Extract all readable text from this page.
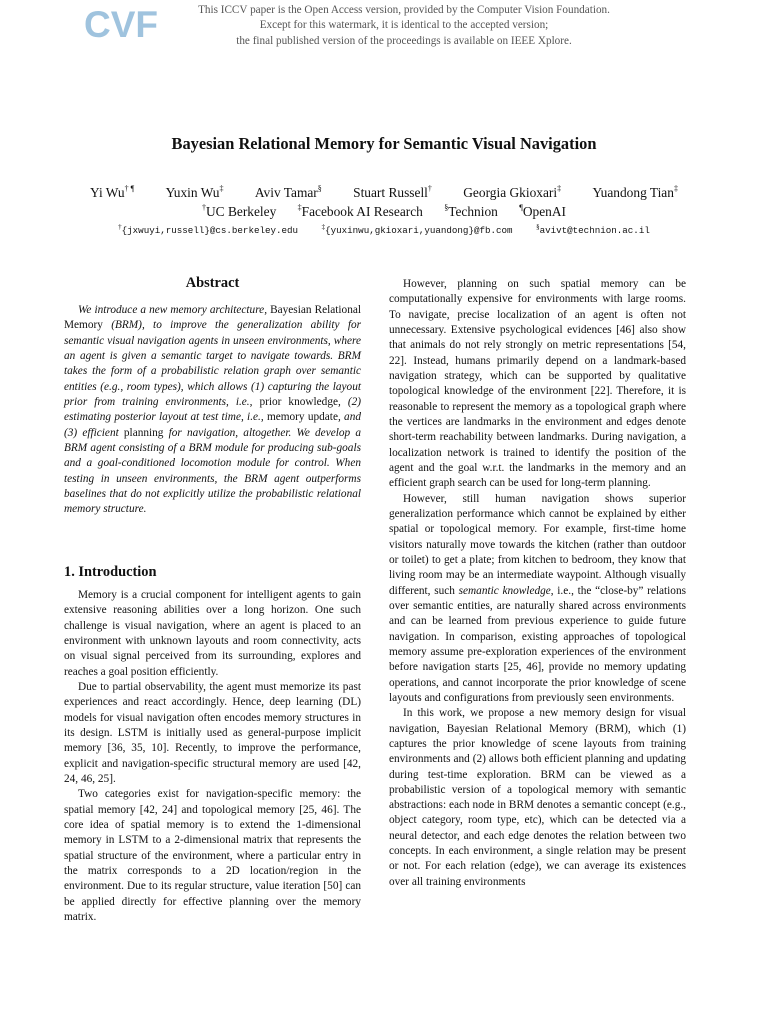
CVF	This ICCV paper is the Open Access version, provided by the Computer Vision Foundation.
Except for this watermark, it is identical to the accepted version;
the final published version of the proceedings is available on IEEE Xplore.
Bayesian Relational Memory for Semantic Visual Navigation
Yi Wu† ¶ Yuxin Wu‡ Aviv Tamar§ Stuart Russell† Georgia Gkioxari‡ Yuandong Tian‡
†UC Berkeley	‡Facebook AI Research	§Technion	¶OpenAI
†{jxwuyi,russell}@cs.berkeley.edu	‡{yuxinwu,gkioxari,yuandong}@fb.com	§avivt@technion.ac.il
Abstract

We introduce a new memory architecture, Bayesian Relational Memory (BRM), to improve the generalization ability for semantic visual navigation agents in unseen environments, where an agent is given a semantic target to navigate towards. BRM takes the form of a probabilistic relation graph over semantic entities (e.g., room types), which allows (1) capturing the layout prior from training environments, i.e., prior knowledge, (2) estimating posterior layout at test time, i.e., memory update, and (3) efficient planning for navigation, altogether. We develop a BRM agent consisting of a BRM module for producing sub-goals and a goal-conditioned locomotion module for control. When testing in unseen environments, the BRM agent outperforms baselines that do not explicitly utilize the probabilistic relational memory structure.

1. Introduction

Memory is a crucial component for intelligent agents to gain extensive reasoning abilities over a long horizon. One such challenge is visual navigation, where an agent is placed to an environment with unknown layouts and room connectivity, acts on visual signal perceived from its surrounding, explores and reaches a goal position efficiently.

Due to partial observability, the agent must memorize its past experiences and react accordingly. Hence, deep learning (DL) models for visual navigation often encodes memory structures in its design. LSTM is initially used as general-purpose implicit memory [36, 35, 10]. Recently, to improve the performance, explicit and navigation-specific structural memory are used [42, 24, 46, 25].

Two categories exist for navigation-specific memory: the spatial memory [42, 24] and topological memory [25, 46]. The core idea of spatial memory is to extend the 1-dimensional memory in LSTM to a 2-dimensional matrix that represents the spatial structure of the environment, where a particular entry in the matrix corresponds to a 2D location/region in the environment. Due to its regular structure, value iteration [50] can be applied directly for effective planning over the memory matrix.

However, planning on such spatial memory can be computationally expensive for environments with large rooms. To navigate, precise localization of an agent is often not unnecessary. Extensive psychological evidences [46] also show that animals do not rely strongly on metric representations [54, 22]. Instead, humans primarily depend on a landmark-based navigation strategy, which can be supported by qualitative topological knowledge of the environment [22]. Therefore, it is reasonable to represent the memory as a topological graph where the vertices are landmarks in the environment and edges denote short-term reachability between landmarks. During navigation, a localization network is trained to identify the position of the agent and the goal w.r.t. the landmarks in the memory and an efficient graph search can be used for long-term planning.

However, still human navigation shows superior generalization performance which cannot be explained by either spatial or topological memory. For example, first-time home visitors naturally move towards the kitchen (rather than outdoor or toilet) to get a plate; from kitchen to bedroom, they know that living room may be an intermediate waypoint. Although visually different, such semantic knowledge, i.e., the “close-by” relations over semantic entities, are naturally shared across environments and can be learned from previous experience to guide future navigation. In comparison, existing approaches of topological memory assume pre-exploration experiences of the environment before navigation starts [25, 46], provide no memory updating operations, and cannot incorporate the prior knowledge of scene layouts and configurations from previously seen environments.

In this work, we propose a new memory design for visual navigation, Bayesian Relational Memory (BRM), which (1) captures the prior knowledge of scene layouts from training environments and (2) allows both efficient planning and updating during test-time exploration. BRM can be viewed as a probabilistic version of a topological memory with semantic abstractions: each node in BRM denotes a semantic concept (e.g., object category, room type, etc), which can be detected via a neural detector, and each edge denotes the relation between two concepts. In each environment, a single relation may be present or not. For each relation (edge), we can average its existences over all training environments
